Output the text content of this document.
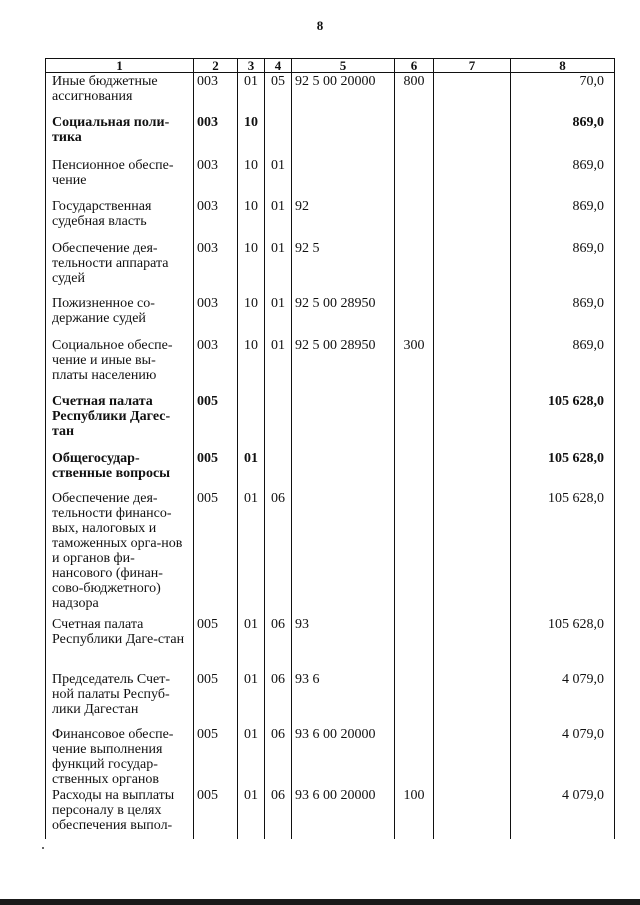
8
1	2	3	4	5	6	7	8
Иные бюджетные ассигнования	003	01	05	92 5 00 20000	800		70,0
Социальная поли-тика	003	10					869,0
Пенсионное обеспе-чение	003	10	01				869,0
Государственная судебная власть	003	10	01	92			869,0
Обеспечение дея-тельности аппарата судей	003	10	01	92 5			869,0
Пожизненное со-держание судей	003	10	01	92 5 00 28950			869,0
Социальное обеспе-чение и иные вы-платы населению	003	10	01	92 5 00 28950	300		869,0
Счетная палата Республики Дагес-тан	005						105 628,0
Общегосудар-ственные вопросы	005	01					105 628,0
Обеспечение дея-тельности финансо-вых, налоговых и таможенных орга-нов и органов фи-нансового (финан-сово-бюджетного) надзора	005	01	06				105 628,0
Счетная палата Республики Даге-стан	005	01	06	93			105 628,0
Председатель Счет-ной палаты Респуб-лики Дагестан	005	01	06	93 6			4 079,0
Финансовое обеспе-чение выполнения функций государ-ственных органов	005	01	06	93 6 00 20000			4 079,0
Расходы на выплаты персоналу в целях обеспечения выпол-	005	01	06	93 6 00 20000	100		4 079,0
